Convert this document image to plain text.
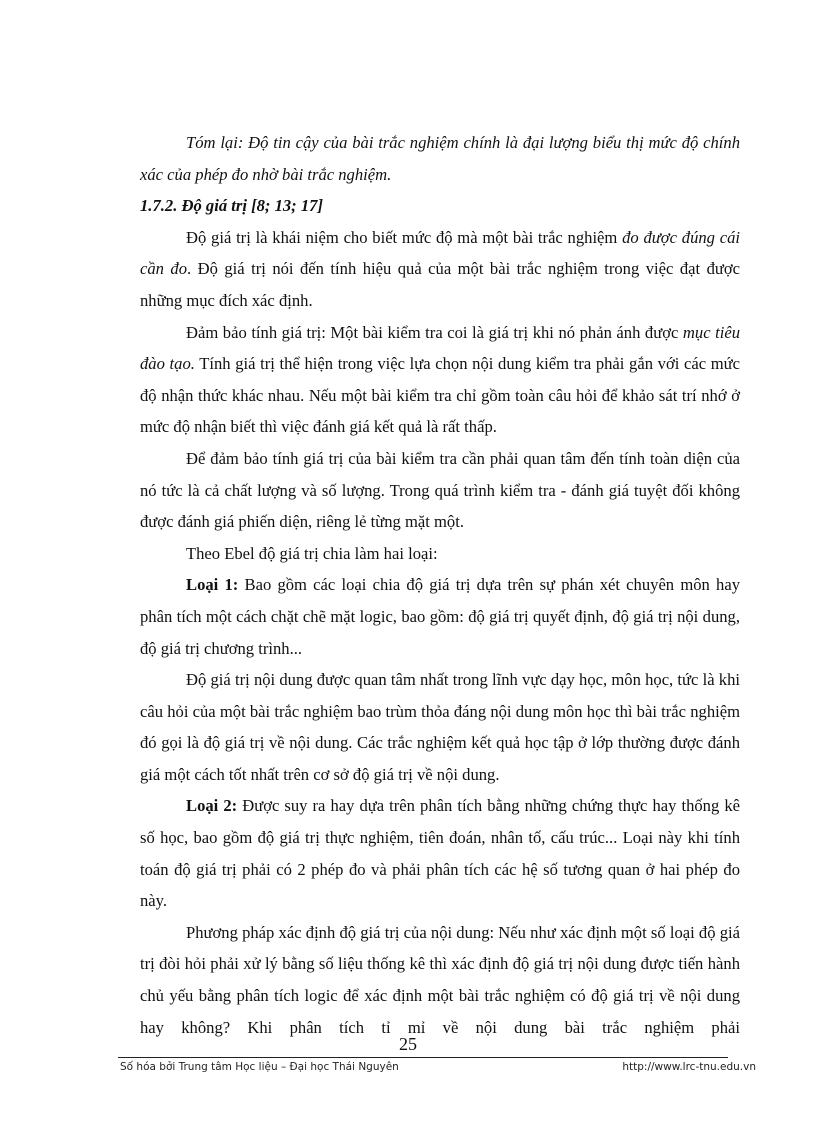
Tóm lại: Độ tin cậy của bài trắc nghiệm chính là đại lượng biểu thị mức độ chính xác của phép đo nhờ bài trắc nghiệm.

1.7.2. Độ giá trị [8; 13; 17]

Độ giá trị là khái niệm cho biết mức độ mà một bài trắc nghiệm đo được đúng cái cần đo. Độ giá trị nói đến tính hiệu quả của một bài trắc nghiệm trong việc đạt được những mục đích xác định.

Đảm bảo tính giá trị: Một bài kiểm tra coi là giá trị khi nó phản ánh được mục tiêu đào tạo. Tính giá trị thể hiện trong việc lựa chọn nội dung kiểm tra phải gắn với các mức độ nhận thức khác nhau. Nếu một bài kiểm tra chỉ gồm toàn câu hỏi để khảo sát trí nhớ ở mức độ nhận biết thì việc đánh giá kết quả là rất thấp.

Để đảm bảo tính giá trị của bài kiểm tra cần phải quan tâm đến tính toàn diện của nó tức là cả chất lượng và số lượng. Trong quá trình kiểm tra - đánh giá tuyệt đối không được đánh giá phiến diện, riêng lẻ từng mặt một.

Theo Ebel độ giá trị chia làm hai loại:

Loại 1: Bao gồm các loại chia độ giá trị dựa trên sự phán xét chuyên môn hay phân tích một cách chặt chẽ mặt logic, bao gồm: độ giá trị quyết định, độ giá trị nội dung, độ giá trị chương trình...

Độ giá trị nội dung được quan tâm nhất trong lĩnh vực dạy học, môn học, tức là khi câu hỏi của một bài trắc nghiệm bao trùm thỏa đáng nội dung môn học thì bài trắc nghiệm đó gọi là độ giá trị về nội dung. Các trắc nghiệm kết quả học tập ở lớp thường được đánh giá một cách tốt nhất trên cơ sở độ giá trị về nội dung.

Loại 2: Được suy ra hay dựa trên phân tích bằng những chứng thực hay thống kê số học, bao gồm độ giá trị thực nghiệm, tiên đoán, nhân tố, cấu trúc... Loại này khi tính toán độ giá trị phải có 2 phép đo và phải phân tích các hệ số tương quan ở hai phép đo này.

Phương pháp xác định độ giá trị của nội dung: Nếu như xác định một số loại độ giá trị đòi hỏi phải xử lý bằng số liệu thống kê thì xác định độ giá trị nội dung được tiến hành chủ yếu bằng phân tích logic để xác định một bài trắc nghiệm có độ giá trị về nội dung hay không? Khi phân tích tỉ mỉ về nội dung bài trắc nghiệm phải

25
Số hóa bởi Trung tâm Học liệu – Đại học Thái Nguyên	http://www.lrc-tnu.edu.vn
